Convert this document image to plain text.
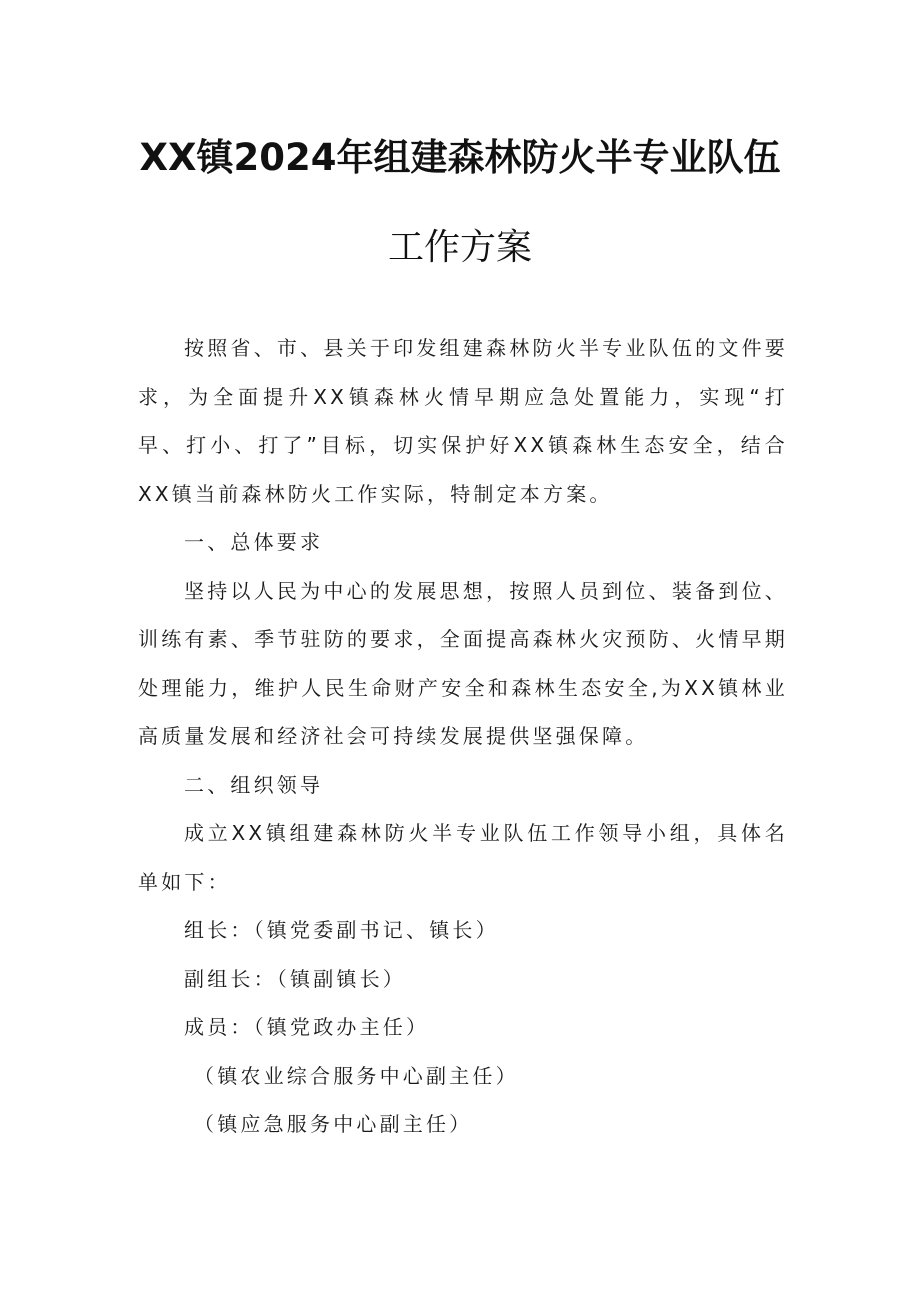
XX镇2024年组建森林防火半专业队伍
工作方案

按照省、市、县关于印发组建森林防火半专业队伍的文件要求，为全面提升XX镇森林火情早期应急处置能力，实现“打早、打小、打了”目标，切实保护好XX镇森林生态安全，结合XX镇当前森林防火工作实际，特制定本方案。

一、总体要求

坚持以人民为中心的发展思想，按照人员到位、装备到位、训练有素、季节驻防的要求，全面提高森林火灾预防、火情早期处理能力，维护人民生命财产安全和森林生态安全,为XX镇林业高质量发展和经济社会可持续发展提供坚强保障。

二、组织领导

成立XX镇组建森林防火半专业队伍工作领导小组，具体名单如下：

组长：（镇党委副书记、镇长）

副组长：（镇副镇长）

成员：（镇党政办主任）

（镇农业综合服务中心副主任）

（镇应急服务中心副主任）
